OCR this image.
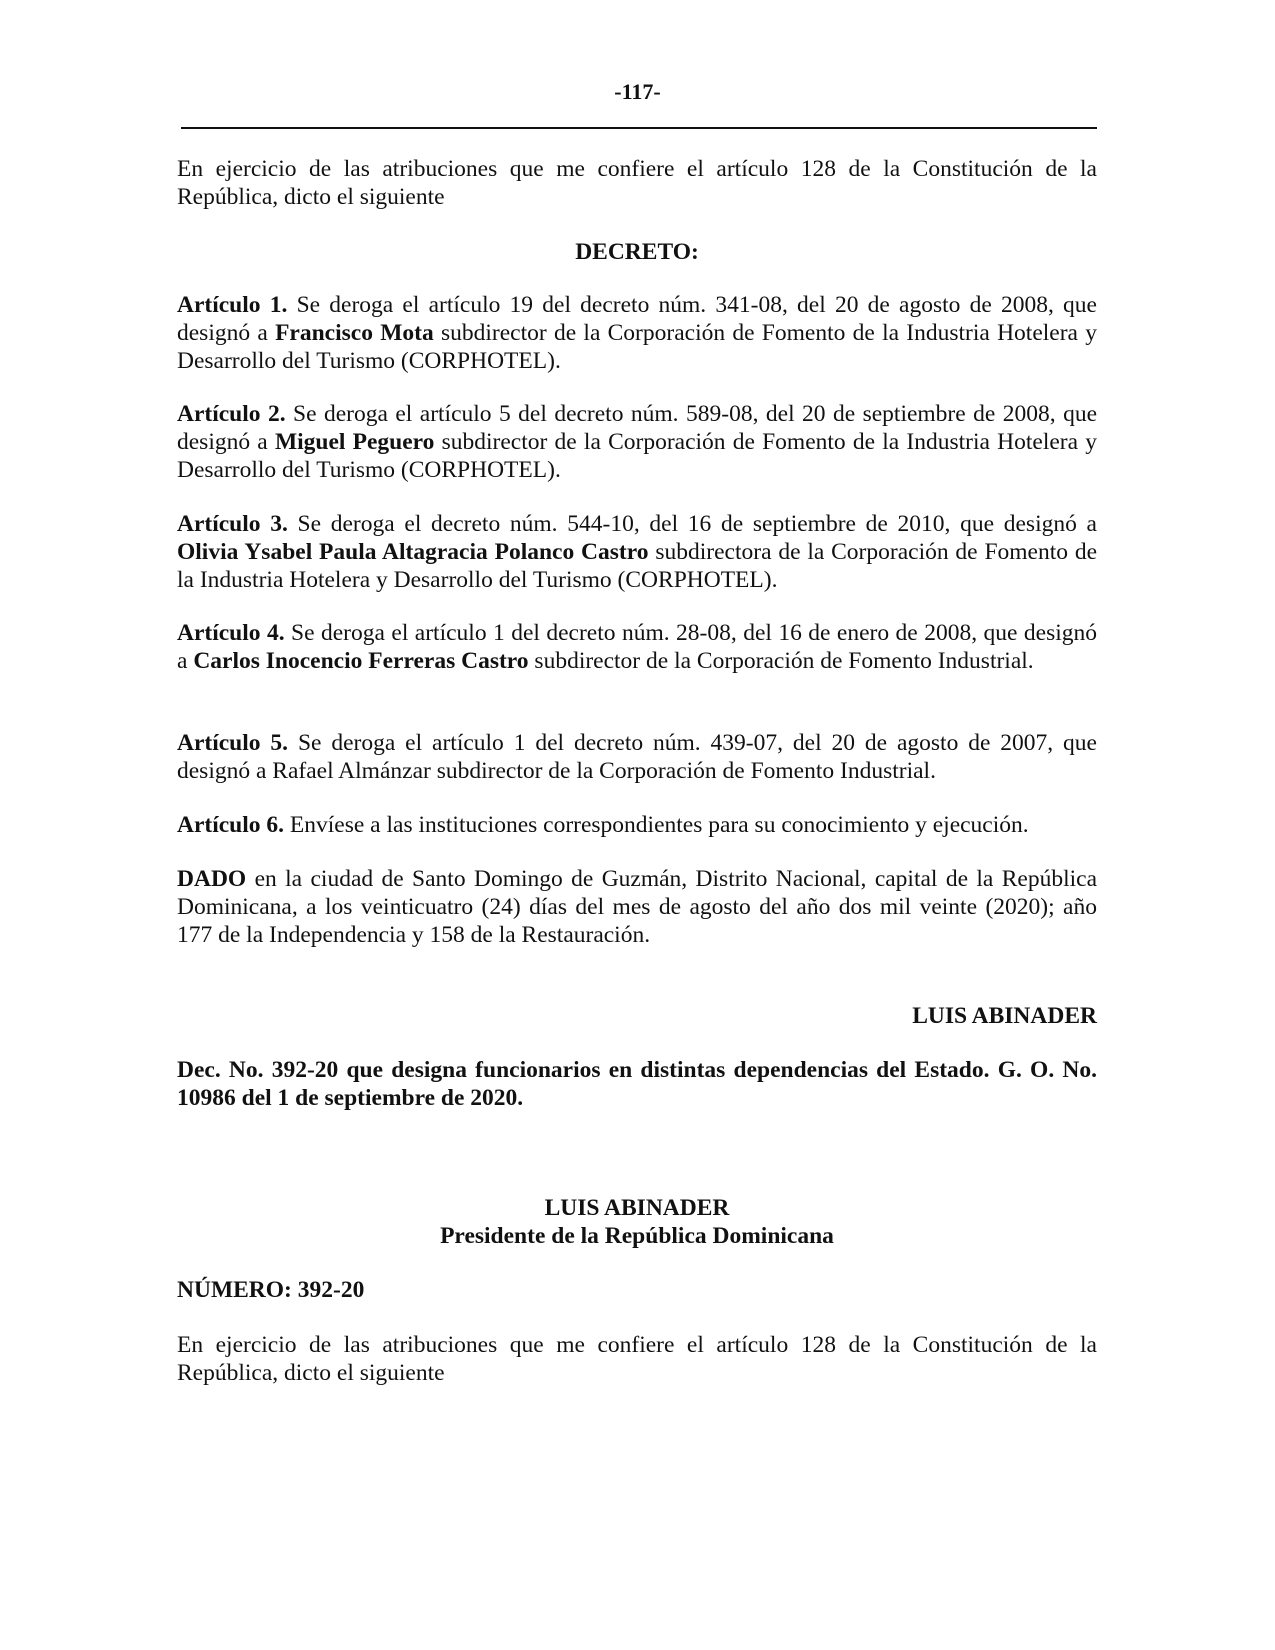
-117-

En ejercicio de las atribuciones que me confiere el artículo 128 de la Constitución de la República, dicto el siguiente

DECRETO:

Artículo 1. Se deroga el artículo 19 del decreto núm. 341-08, del 20 de agosto de 2008, que designó a Francisco Mota subdirector de la Corporación de Fomento de la Industria Hotelera y Desarrollo del Turismo (CORPHOTEL).

Artículo 2. Se deroga el artículo 5 del decreto núm. 589-08, del 20 de septiembre de 2008, que designó a Miguel Peguero subdirector de la Corporación de Fomento de la Industria Hotelera y Desarrollo del Turismo (CORPHOTEL).

Artículo 3. Se deroga el decreto núm. 544-10, del 16 de septiembre de 2010, que designó a Olivia Ysabel Paula Altagracia Polanco Castro subdirectora de la Corporación de Fomento de la Industria Hotelera y Desarrollo del Turismo (CORPHOTEL).

Artículo 4. Se deroga el artículo 1 del decreto núm. 28-08, del 16 de enero de 2008, que designó a Carlos Inocencio Ferreras Castro subdirector de la Corporación de Fomento Industrial.

Artículo 5. Se deroga el artículo 1 del decreto núm. 439-07, del 20 de agosto de 2007, que designó a Rafael Almánzar subdirector de la Corporación de Fomento Industrial.

Artículo 6. Envíese a las instituciones correspondientes para su conocimiento y ejecución.

DADO en la ciudad de Santo Domingo de Guzmán, Distrito Nacional, capital de la República Dominicana, a los veinticuatro (24) días del mes de agosto del año dos mil veinte (2020); año 177 de la Independencia y 158 de la Restauración.

LUIS ABINADER

Dec. No. 392-20 que designa funcionarios en distintas dependencias del Estado. G. O. No. 10986 del 1 de septiembre de 2020.

LUIS ABINADER

Presidente de la República Dominicana

NÚMERO: 392-20

En ejercicio de las atribuciones que me confiere el artículo 128 de la Constitución de la República, dicto el siguiente
